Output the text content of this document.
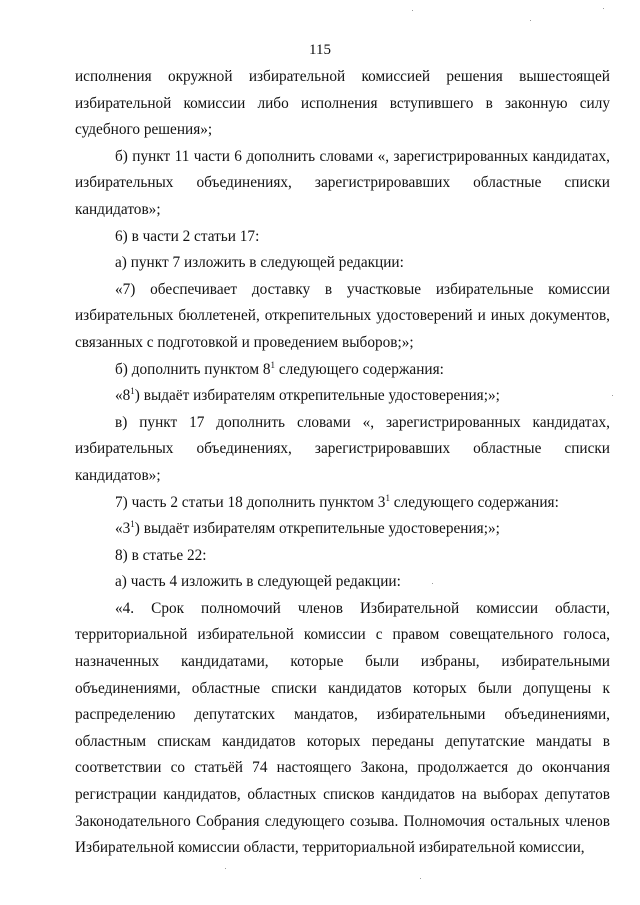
115

исполнения окружной избирательной комиссией решения вышестоящей избирательной комиссии либо исполнения вступившего в законную силу судебного решения»;

б) пункт 11 части 6 дополнить словами «, зарегистрированных кандидатах, избирательных объединениях, зарегистрировавших областные списки кандидатов»;

6) в части 2 статьи 17:

а) пункт 7 изложить в следующей редакции:

«7) обеспечивает доставку в участковые избирательные комиссии избирательных бюллетеней, открепительных удостоверений и иных документов, связанных с подготовкой и проведением выборов;»;

б) дополнить пунктом $8^1$ следующего содержания:

«$8^1$) выдаёт избирателям открепительные удостоверения;»;

в) пункт 17 дополнить словами «, зарегистрированных кандидатах, избирательных объединениях, зарегистрировавших областные списки кандидатов»;

7) часть 2 статьи 18 дополнить пунктом $3^1$ следующего содержания:

«$3^1$) выдаёт избирателям открепительные удостоверения;»;

8) в статье 22:

а) часть 4 изложить в следующей редакции:

«4. Срок полномочий членов Избирательной комиссии области, территориальной избирательной комиссии с правом совещательного голоса, назначенных кандидатами, которые были избраны, избирательными объединениями, областные списки кандидатов которых были допущены к распределению депутатских мандатов, избирательными объединениями, областным спискам кандидатов которых переданы депутатские мандаты в соответствии со статьёй 74 настоящего Закона, продолжается до окончания регистрации кандидатов, областных списков кандидатов на выборах депутатов Законодательного Собрания следующего созыва. Полномочия остальных членов Избирательной комиссии области, территориальной избирательной комиссии,
